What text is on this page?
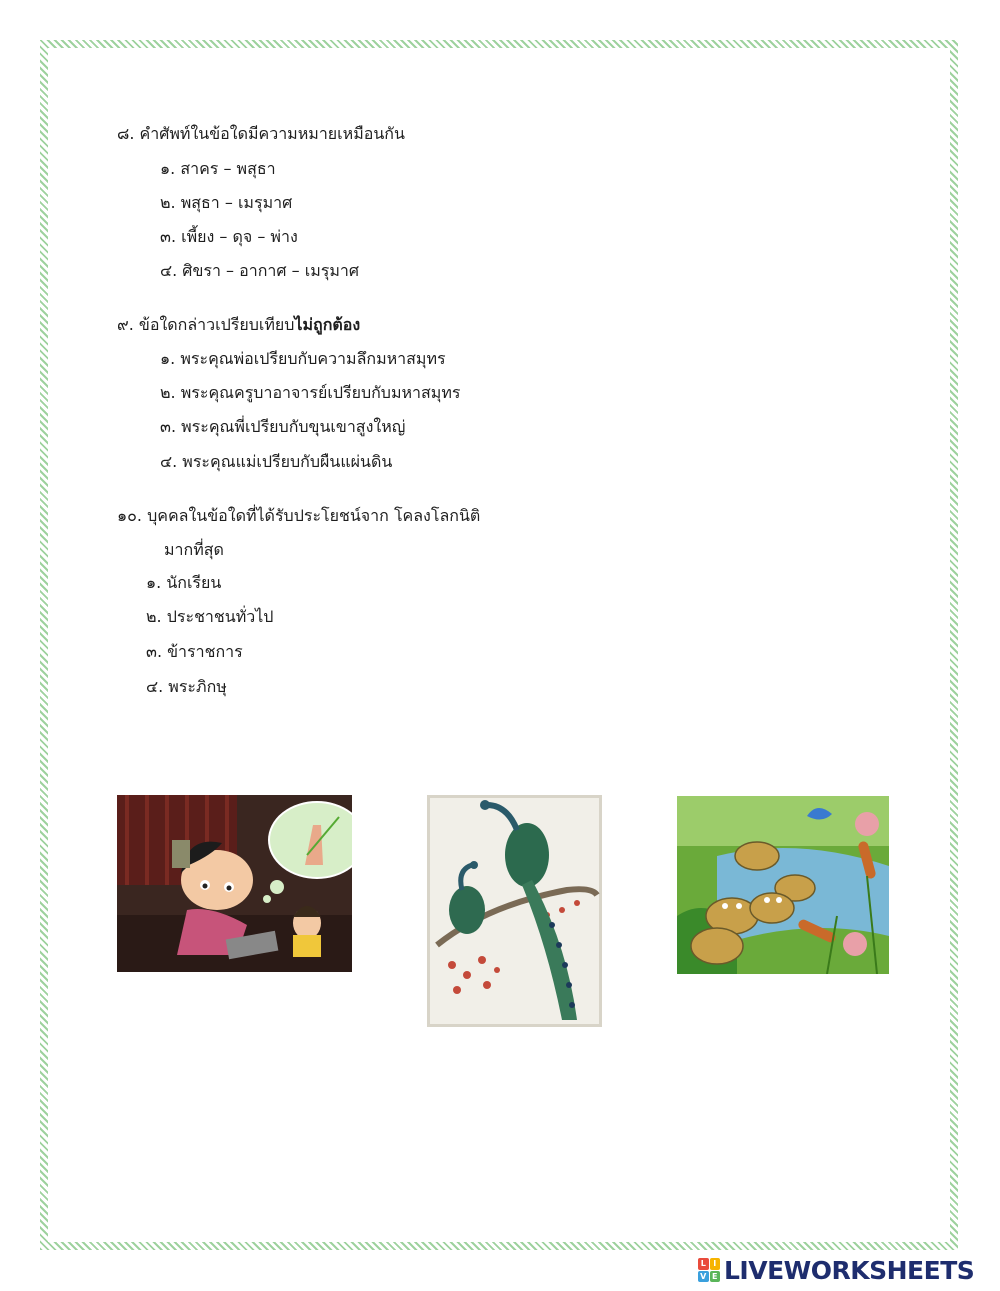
๘. คำศัพท์ในข้อใดมีความหมายเหมือนกัน
๑. สาคร – พสุธา
๒. พสุธา – เมรุมาศ
๓. เพี้ยง – ดุจ – พ่าง
๔. ศิขรา – อากาศ – เมรุมาศ
๙. ข้อใดกล่าวเปรียบเทียบไม่ถูกต้อง
๑. พระคุณพ่อเปรียบกับความลึกมหาสมุทร
๒. พระคุณครูบาอาจารย์เปรียบกับมหาสมุทร
๓. พระคุณพี่เปรียบกับขุนเขาสูงใหญ่
๔. พระคุณแม่เปรียบกับผืนแผ่นดิน
๑๐. บุคคลในข้อใดที่ได้รับประโยชน์จาก โคลงโลกนิติ
มากที่สุด
๑. นักเรียน
๒. ประชาชนทั่วไป
๓. ข้าราชการ
๔. พระภิกษุ
L I
V E LIVEWORKSHEETS
